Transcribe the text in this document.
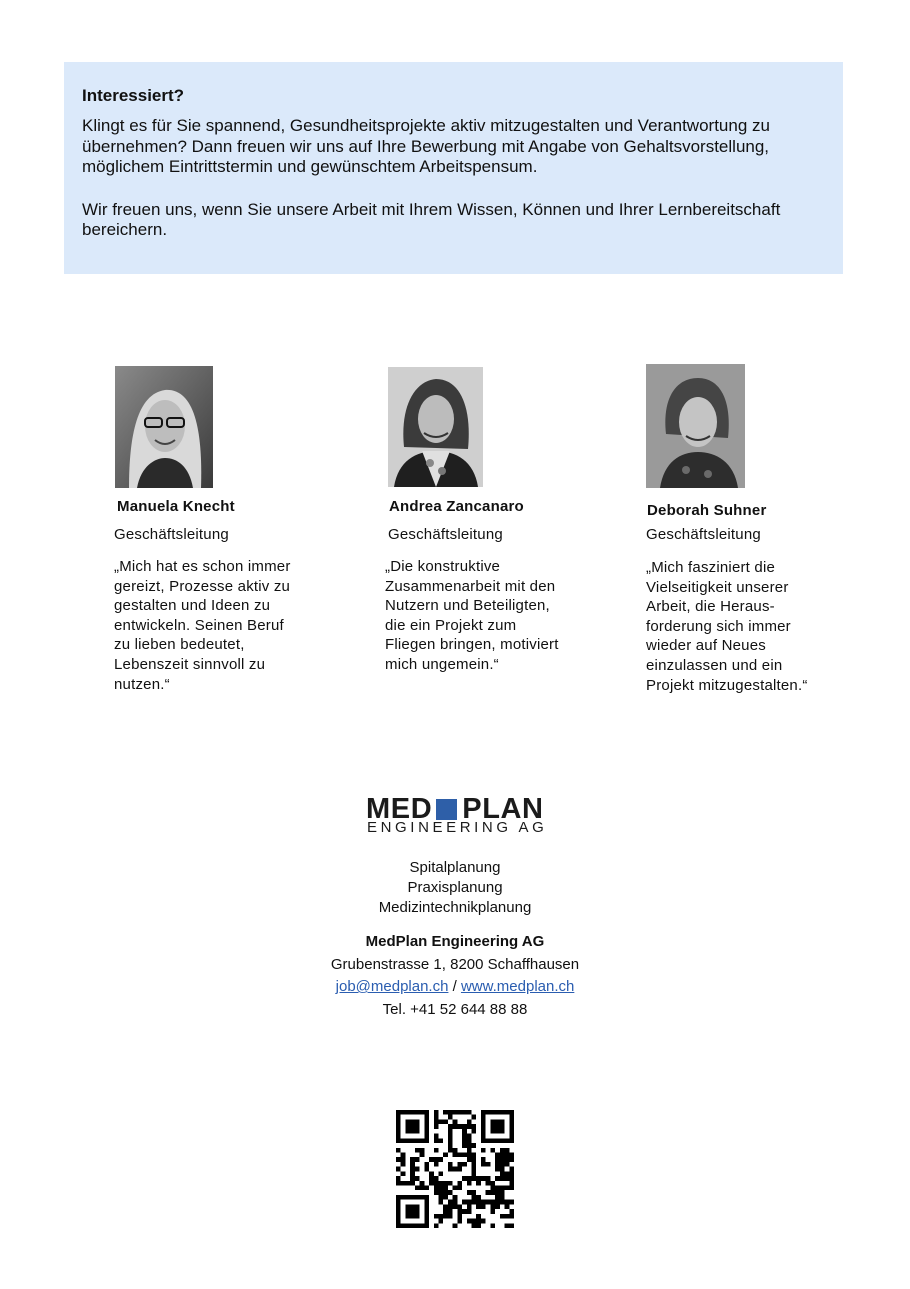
Interessiert?

Klingt es für Sie spannend, Gesundheitsprojekte aktiv mitzugestalten und Verantwortung zu übernehmen? Dann freuen wir uns auf Ihre Bewerbung mit Angabe von Gehaltsvorstellung, möglichem Eintrittstermin und gewünschtem Arbeitspensum.

Wir freuen uns, wenn Sie unsere Arbeit mit Ihrem Wissen, Können und Ihrer Lernbereitschaft bereichern.

Manuela Knecht
Geschäftsleitung
„Mich hat es schon immer
gereizt, Prozesse aktiv zu
gestalten und Ideen zu
entwickeln. Seinen Beruf
zu lieben bedeutet,
Lebenszeit sinnvoll zu
nutzen.“
Andrea Zancanaro
Geschäftsleitung
„Die konstruktive
Zusammenarbeit mit den
Nutzern und Beteiligten,
die ein Projekt zum
Fliegen bringen, motiviert
mich ungemein.“
Deborah Suhner
Geschäftsleitung
„Mich fasziniert die
Vielseitigkeit unserer
Arbeit, die Heraus-
forderung sich immer
wieder auf Neues
einzulassen und ein
Projekt mitzugestalten.“
MED PLAN
ENGINEERING AG
Spitalplanung
Praxisplanung
Medizintechnikplanung
MedPlan Engineering AG
Grubenstrasse 1, 8200 Schaffhausen
job@medplan.ch / www.medplan.ch
Tel. +41 52 644 88 88
